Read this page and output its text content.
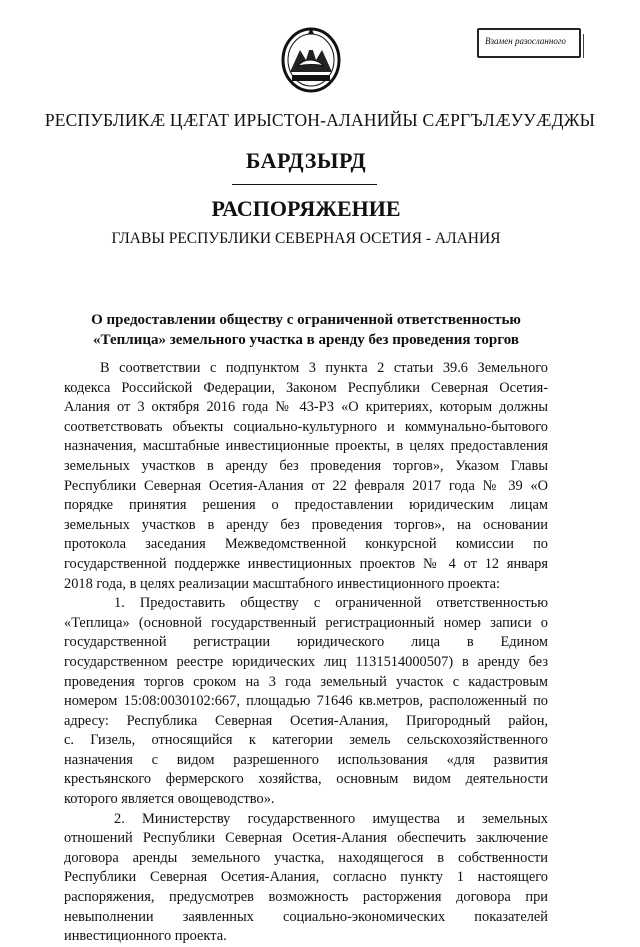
Взамен разосланного
РЕСПУБЛИКӔ ЦӔГАТ ИРЫСТОН-АЛАНИЙЫ СӔРГЪЛӔУУӔДЖЫ
БАРДЗЫРД
РАСПОРЯЖЕНИЕ
ГЛАВЫ РЕСПУБЛИКИ СЕВЕРНАЯ ОСЕТИЯ - АЛАНИЯ
О предоставлении обществу с ограниченной ответственностью
«Теплица» земельного участка в аренду без проведения торгов
В соответствии с подпунктом 3 пункта 2 статьи 39.6 Земельного
кодекса Российской Федерации, Законом Республики Северная Осетия-
Алания от 3 октября 2016 года № 43-РЗ «О критериях, которым должны
соответствовать объекты социально-культурного и коммунально-бытового
назначения, масштабные инвестиционные проекты, в целях предоставления
земельных участков в аренду без проведения торгов», Указом Главы
Республики Северная Осетия-Алания от 22 февраля 2017 года № 39 «О
порядке принятия решения о предоставлении юридическим лицам
земельных участков в аренду без проведения торгов», на основании
протокола заседания Межведомственной конкурсной комиссии по
государственной поддержке инвестиционных проектов № 4 от 12 января
2018 года, в целях реализации масштабного инвестиционного проекта:
1. Предоставить обществу с ограниченной ответственностью
«Теплица» (основной государственный регистрационный номер записи о
государственной регистрации юридического лица в Едином
государственном реестре юридических лиц 1131514000507) в аренду без
проведения торгов сроком на 3 года земельный участок с кадастровым
номером 15:08:0030102:667, площадью 71646 кв.метров, расположенный по
адресу: Республика Северная Осетия-Алания, Пригородный район,
с. Гизель, относящийся к категории земель сельскохозяйственного
назначения с видом разрешенного использования «для развития
крестьянского фермерского хозяйства, основным видом деятельности
которого является овощеводство».
2. Министерству государственного имущества и земельных
отношений Республики Северная Осетия-Алания обеспечить заключение
договора аренды земельного участка, находящегося в собственности
Республики Северная Осетия-Алания, согласно пункту 1 настоящего
распоряжения, предусмотрев возможность расторжения договора при
невыполнении заявленных социально-экономических показателей
инвестиционного проекта.
